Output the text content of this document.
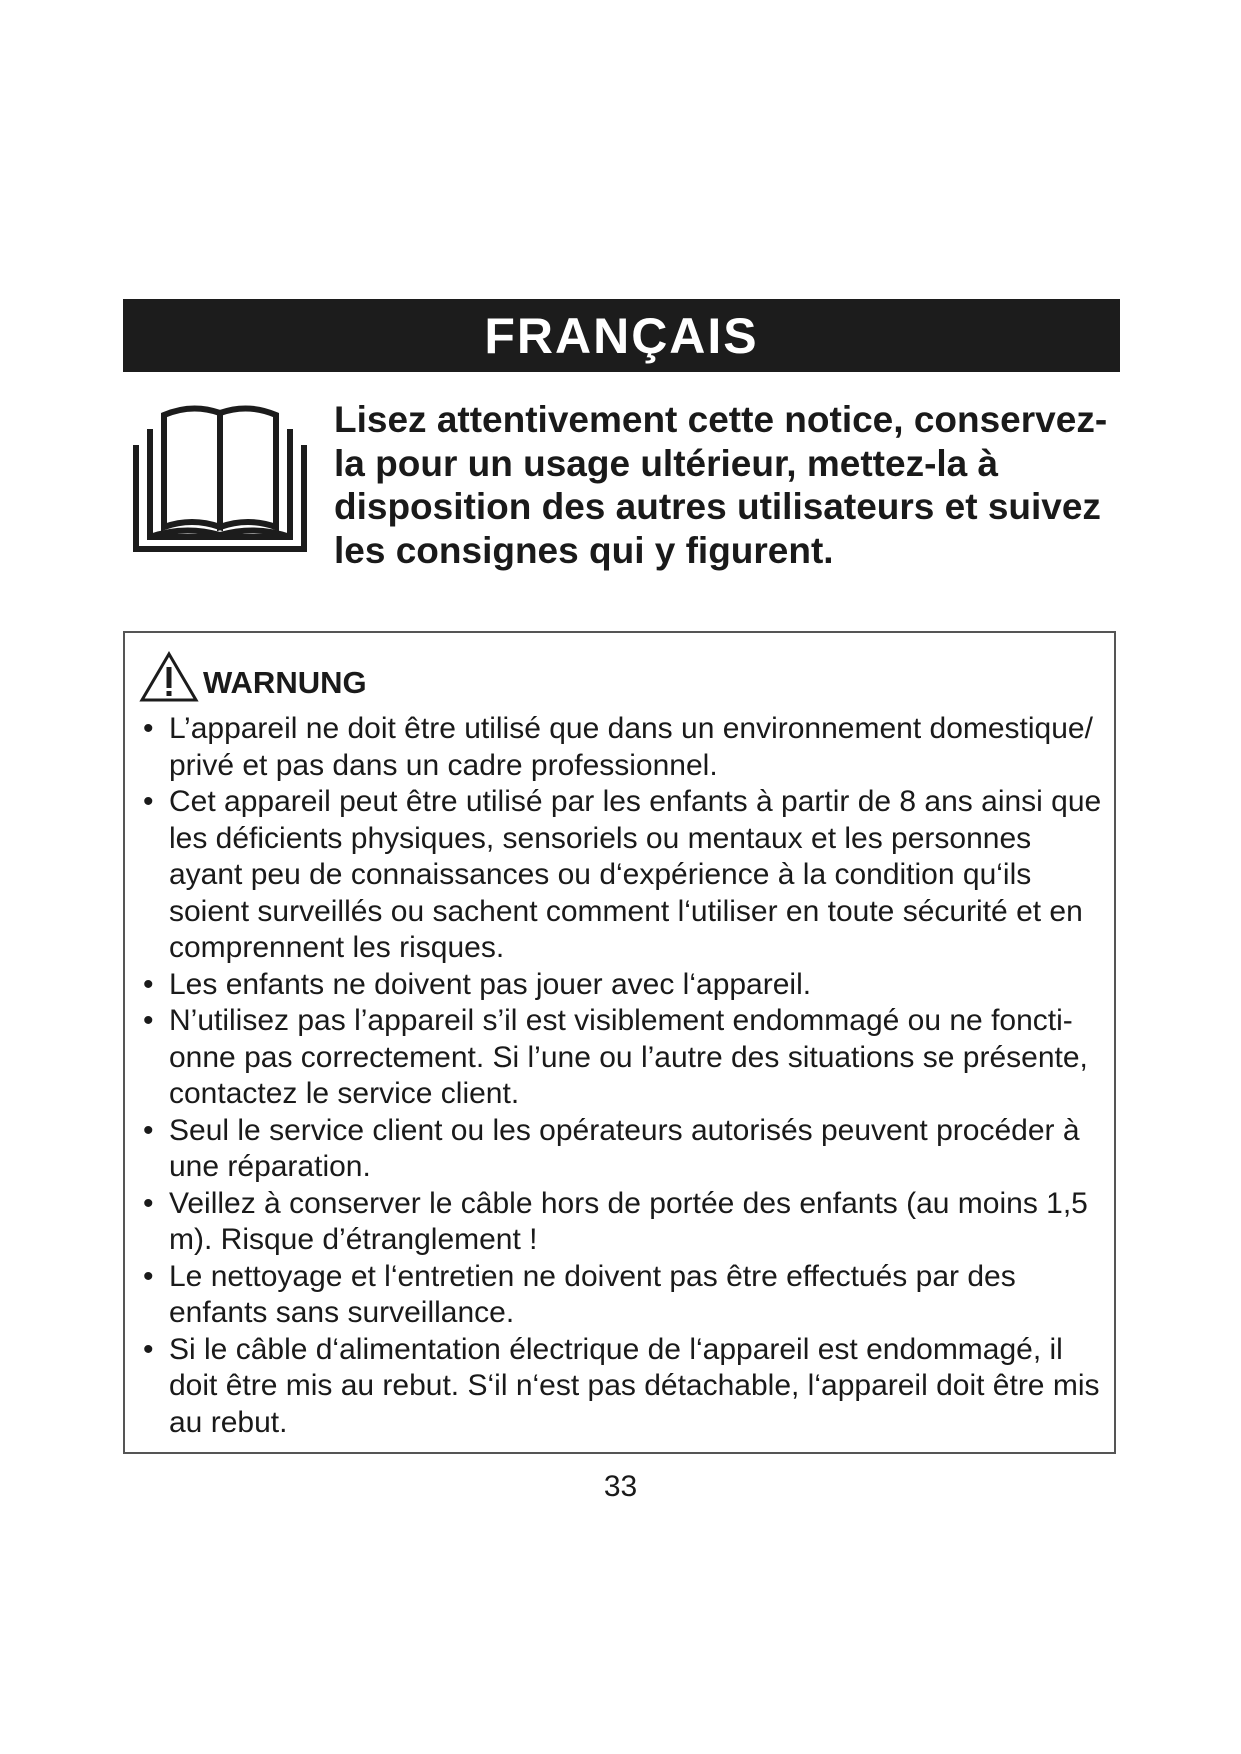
FRANÇAIS
Lisez attentivement cette notice, conservez-la pour un usage ultérieur, mettez-la à disposition des autres utilisateurs et suivez les consignes qui y figurent.
WARNUNG
• L’appareil ne doit être utilisé que dans un environnement domestique/ privé et pas dans un cadre professionnel.
• Cet appareil peut être utilisé par les enfants à partir de 8 ans ainsi que les déficients physiques, sensoriels ou mentaux et les personnes ayant peu de connaissances ou d‘expérience à la condition qu‘ils soient surveillés ou sachent comment l‘utiliser en toute sécurité et en comprennent les risques.
• Les enfants ne doivent pas jouer avec l‘appareil.
• N’utilisez pas l’appareil s’il est visiblement endommagé ou ne foncti- onne pas correctement. Si l’une ou l’autre des situations se présente, contactez le service client.
• Seul le service client ou les opérateurs autorisés peuvent procéder à une réparation.
• Veillez à conserver le câble hors de portée des enfants (au moins 1,5 m). Risque d’étranglement !
• Le nettoyage et l‘entretien ne doivent pas être effectués par des enfants sans surveillance.
• Si le câble d‘alimentation électrique de l‘appareil est endommagé, il doit être mis au rebut. S‘il n‘est pas détachable, l‘appareil doit être mis au rebut.
33
